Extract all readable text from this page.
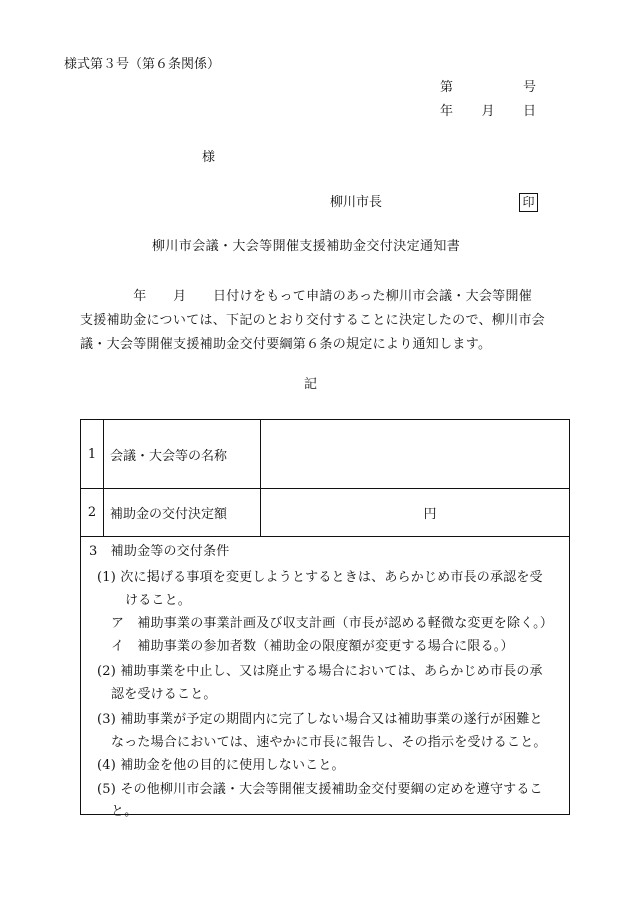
様式第３号（第６条関係）
第	号
年 月 日
様
柳川市長	印
柳川市会議・大会等開催支援補助金交付決定通知書

　　　　年　　月　　日付けをもって申請のあった柳川市会議・大会等開催

支援補助金については、下記のとおり交付することに決定したので、柳川市会

議・大会等開催支援補助金交付要綱第６条の規定により通知します。

記
1	会議・大会等の名称	
2	補助金の交付決定額	円
3　補助金等の交付条件
(1) 次に掲げる事項を変更しようとするときは、あらかじめ市長の承認を受
けること。
ア　補助事業の事業計画及び収支計画（市長が認める軽微な変更を除く。）
イ　補助事業の参加者数（補助金の限度額が変更する場合に限る。）
(2) 補助事業を中止し、又は廃止する場合においては、あらかじめ市長の承
認を受けること。
(3) 補助事業が予定の期間内に完了しない場合又は補助事業の遂行が困難と
なった場合においては、速やかに市長に報告し、その指示を受けること。
(4) 補助金を他の目的に使用しないこと。
(5) その他柳川市会議・大会等開催支援補助金交付要綱の定めを遵守するこ
と。
